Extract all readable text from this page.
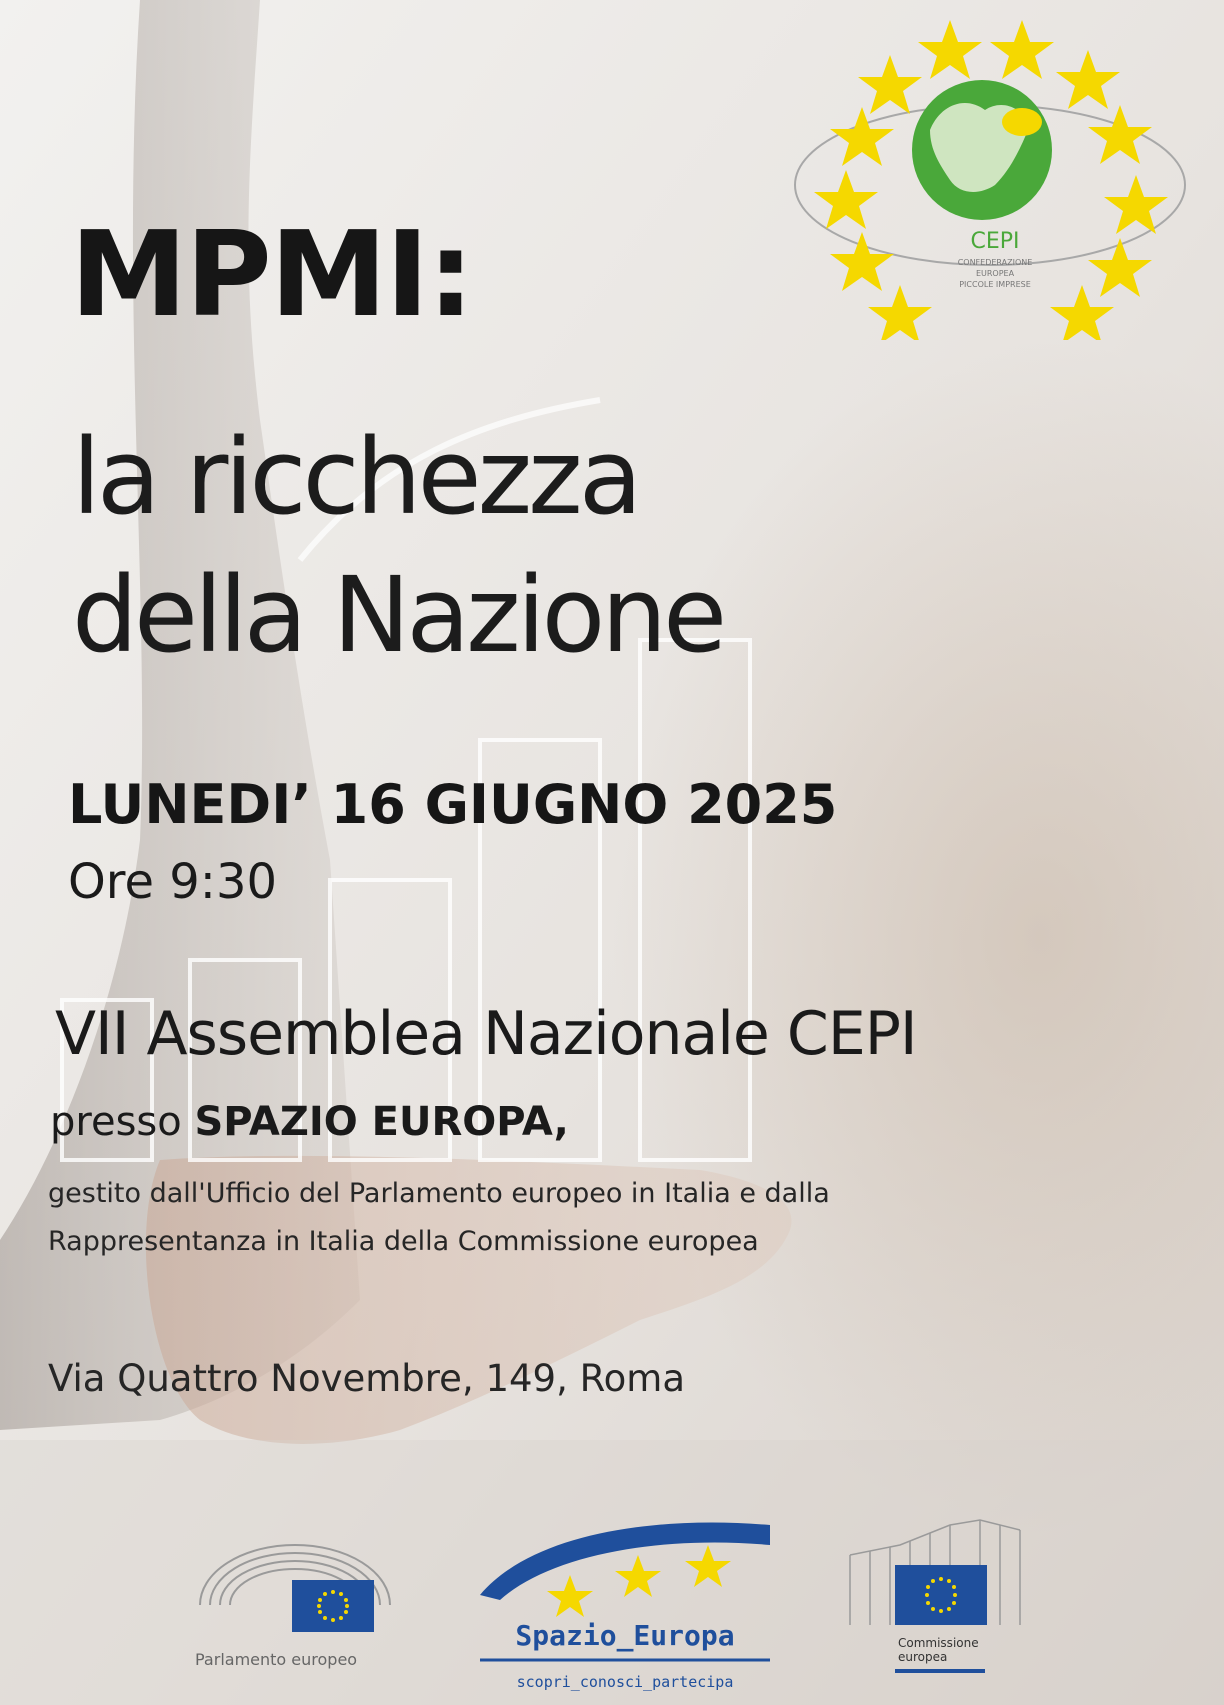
CEPI
CONFEDERAZIONE
EUROPEA
PICCOLE IMPRESE
MPMI:
la ricchezza
della Nazione
LUNEDI’ 16 GIUGNO 2025
Ore 9:30
VII Assemblea Nazionale CEPI
presso SPAZIO EUROPA,
gestito dall'Ufficio del Parlamento europeo in Italia e dalla
Rappresentanza in Italia della Commissione europea
Via Quattro Novembre, 149, Roma
Parlamento europeo
Spazio_Europa
scopri_conosci_partecipa
Commissione
europea
